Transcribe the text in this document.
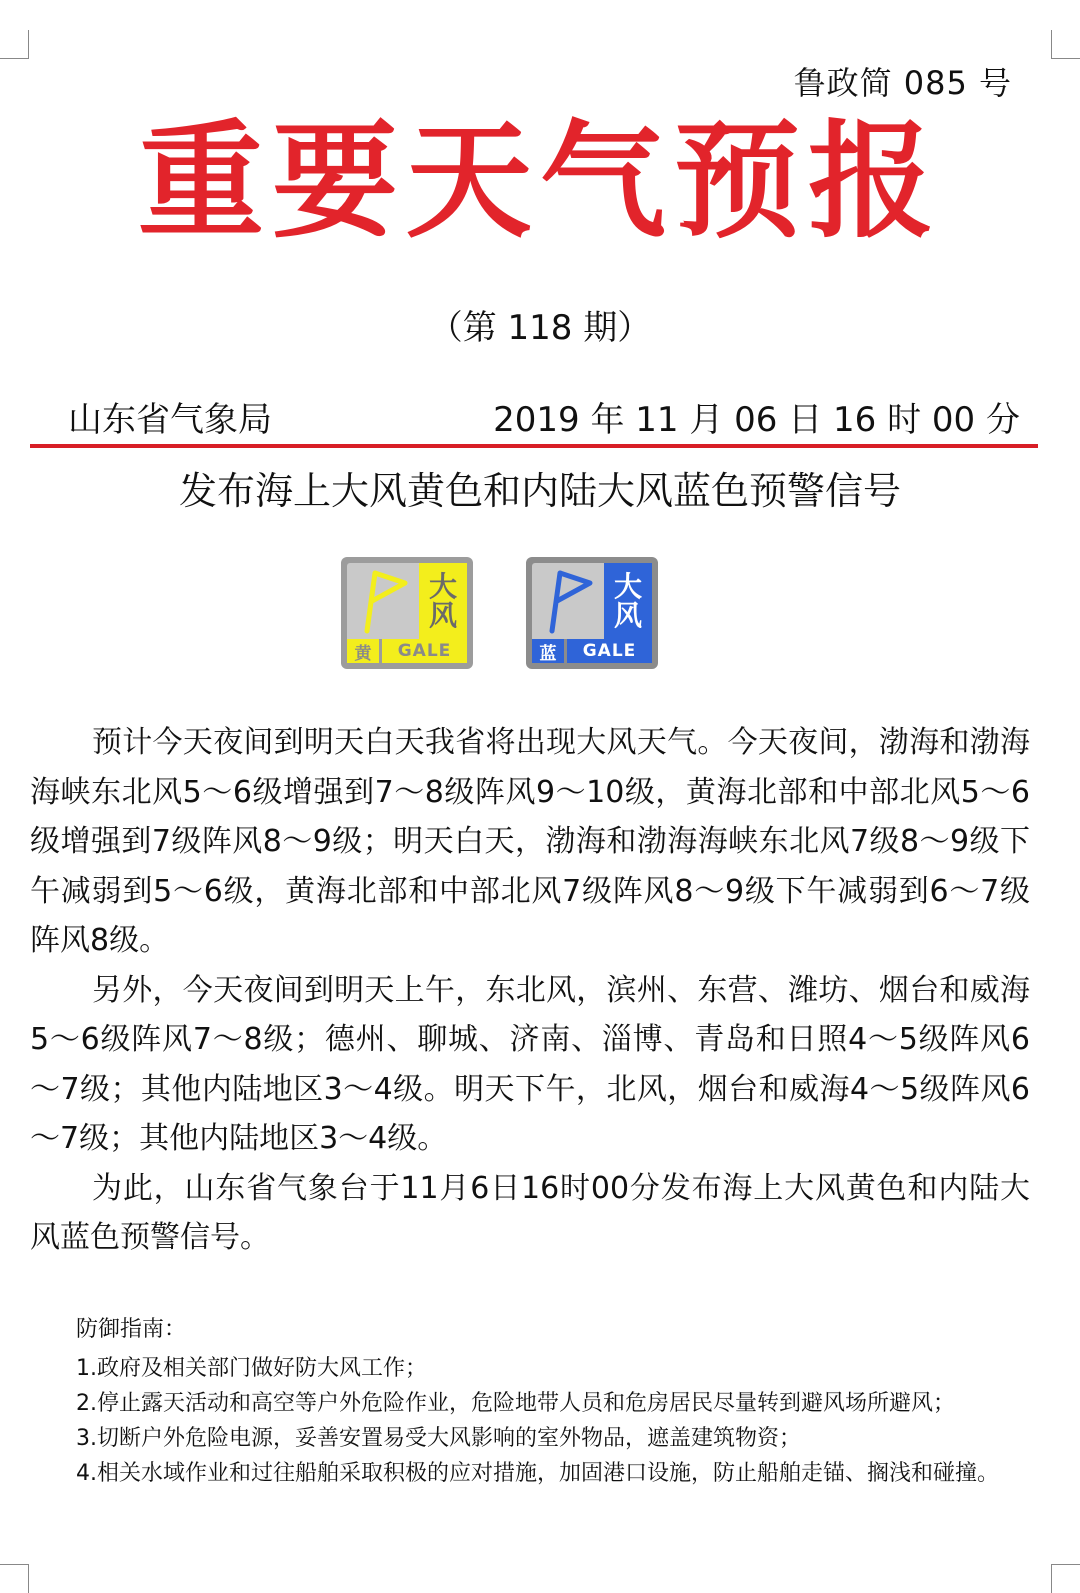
鲁政简 085 号
重要天气预报
（第 118 期）
山东省气象局	2019 年 11 月 06 日 16 时 00 分
发布海上大风黄色和内陆大风蓝色预警信号
大
风
黄	GALE
大
风
蓝	GALE

预计今天夜间到明天白天我省将出现大风天气。今天夜间，渤海和渤海海峡东北风5～6级增强到7～8级阵风9～10级，黄海北部和中部北风5～6级增强到7级阵风8～9级；明天白天，渤海和渤海海峡东北风7级8～9级下午减弱到5～6级，黄海北部和中部北风7级阵风8～9级下午减弱到6～7级阵风8级。

另外，今天夜间到明天上午，东北风，滨州、东营、潍坊、烟台和威海5～6级阵风7～8级；德州、聊城、济南、淄博、青岛和日照4～5级阵风6～7级；其他内陆地区3～4级。明天下午，北风，烟台和威海4～5级阵风6～7级；其他内陆地区3～4级。

为此，山东省气象台于11月6日16时00分发布海上大风黄色和内陆大风蓝色预警信号。

防御指南：
1.政府及相关部门做好防大风工作；
2.停止露天活动和高空等户外危险作业，危险地带人员和危房居民尽量转到避风场所避风；
3.切断户外危险电源，妥善安置易受大风影响的室外物品，遮盖建筑物资；
4.相关水域作业和过往船舶采取积极的应对措施，加固港口设施，防止船舶走锚、搁浅和碰撞。
